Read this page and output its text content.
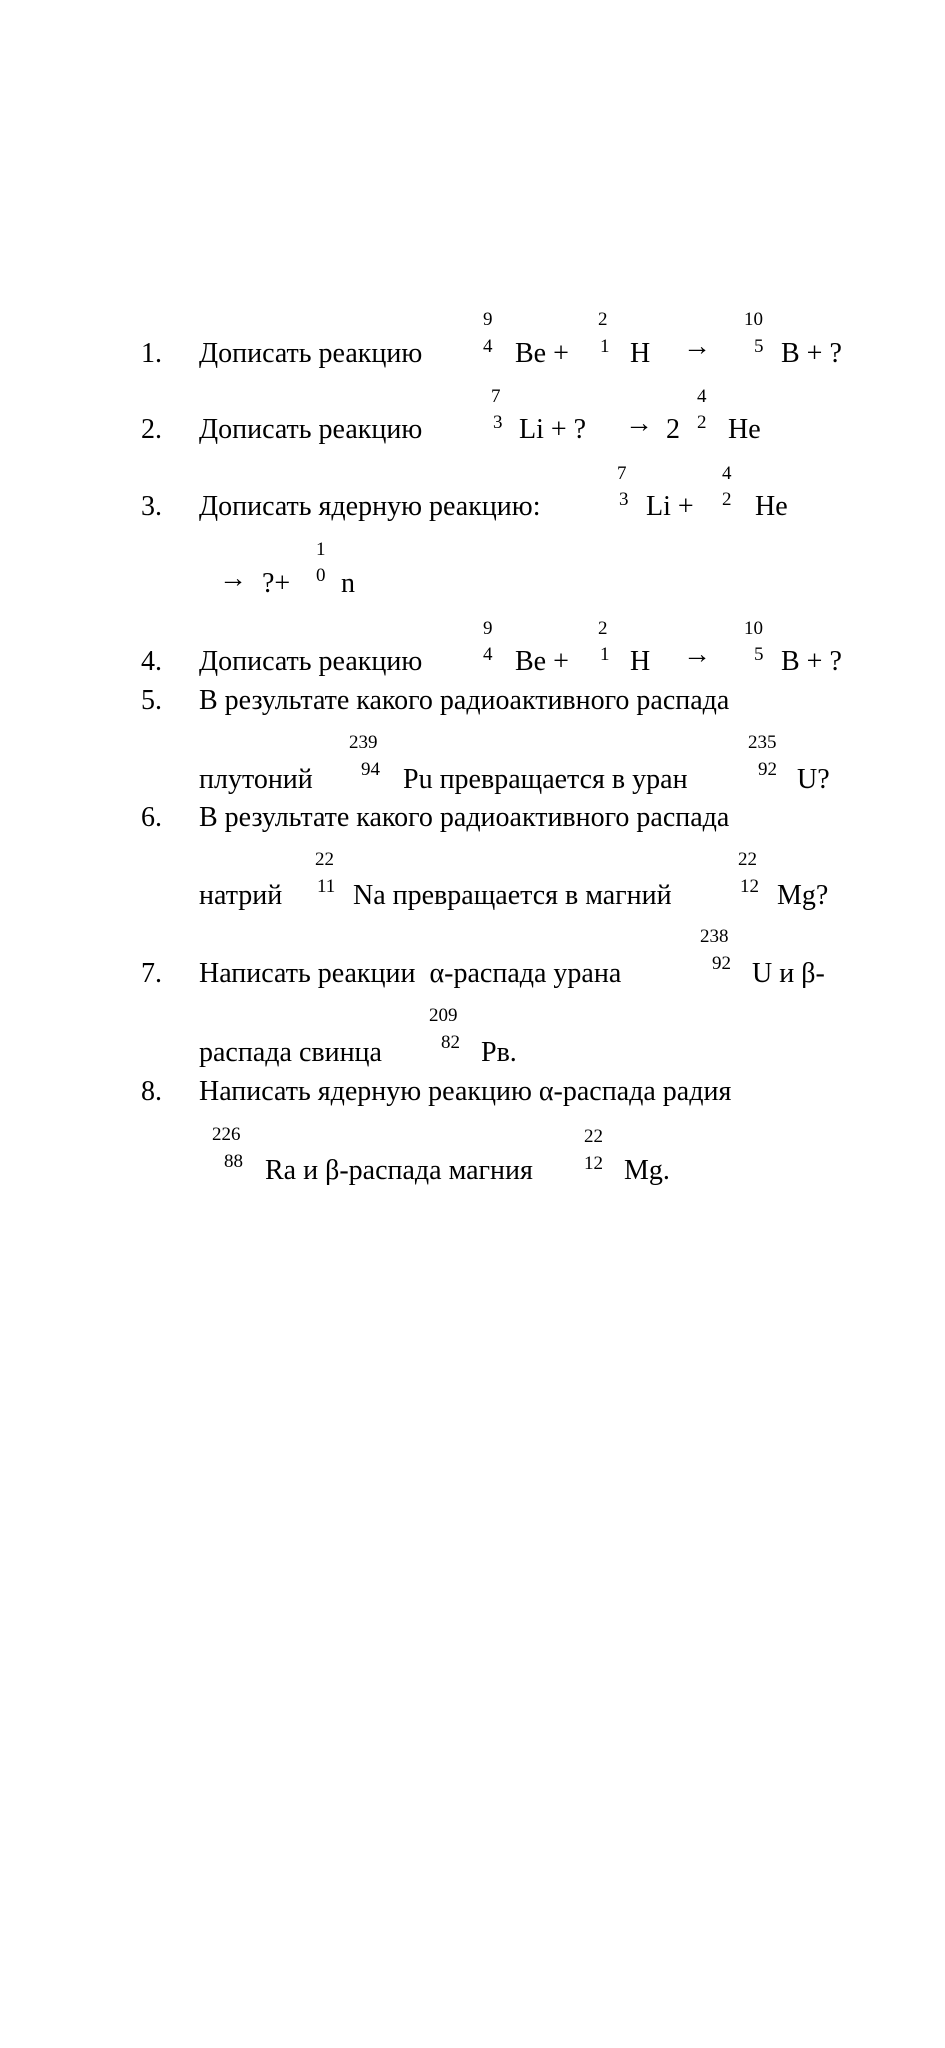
1. Дописать реакцию
9
4 Be +
2
1 H →
10
5 B + ?
2. Дописать реакцию
7
3 Li + ? → 2
4
2 He
3. Дописать ядерную реакцию:
7
3 Li +
4
2 He
→ ?+
1
0 n
4. Дописать реакцию
9
4 Be +
2
1 H →
10
5 B + ?
5. В результате какого радиоактивного распада
плутоний
239
94 Pu превращается в уран
235
92 U?
6. В результате какого радиоактивного распада
натрий
22
11 Na превращается в магний
22
12 Mg?
7. Написать реакции  α-распада урана
238
92 U и β-
распада свинца
209
82 Рв.
8. Написать ядерную реакцию α-распада радия
226
88 Ra и β-распада магния
22
12 Mg.
